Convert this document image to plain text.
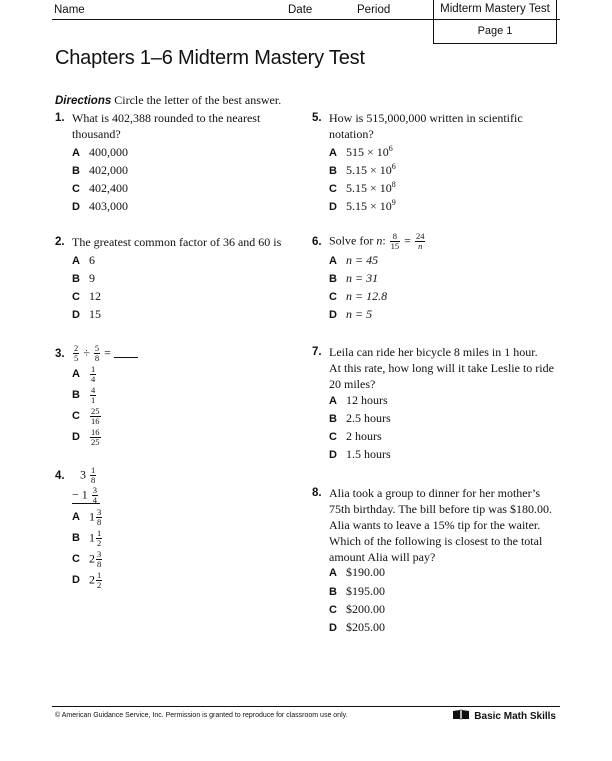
Name	Date	Period	Midterm Mastery Test
Page 1
Chapters 1–6 Midterm Mastery Test
Directions Circle the letter of the best answer.
1. What is 402,388 rounded to the nearest
thousand?
A 400,000
B 402,000
C 402,400
D 403,000
2. The greatest common factor of 36 and 60 is
A 6
B 9
C 12
D 15
3. $\frac{2}{5} \div \frac{5}{8}$ =
A $\frac{1}{4}$
B $\frac{4}{1}$
C $\frac{25}{16}$
D $\frac{16}{25}$
4. $3 \frac{1}{8}$
− $1 \frac{3}{4}$
A $1 \frac{3}{8}$
B $1 \frac{1}{2}$
C $2 \frac{3}{8}$
D $2 \frac{1}{2}$
5. How is 515,000,000 written in scientific
notation?
A $515 \times 10^6$
B $5.15 \times 10^6$
C $5.15 \times 10^8$
D $5.15 \times 10^9$
6. Solve for n: $\frac{8}{15} = \frac{24}{n}$
A n = 45
B n = 31
C n = 12.8
D n = 5
7. Leila can ride her bicycle 8 miles in 1 hour.
At this rate, how long will it take Leslie to ride
20 miles?
A 12 hours
B 2.5 hours
C 2 hours
D 1.5 hours
8. Alia took a group to dinner for her mother’s
75th birthday. The bill before tip was $180.00.
Alia wants to leave a 15% tip for the waiter.
Which of the following is closest to the total
amount Alia will pay?
A $190.00
B $195.00
C $200.00
D $205.00
© American Guidance Service, Inc. Permission is granted to reproduce for classroom use only.	Basic Math Skills
